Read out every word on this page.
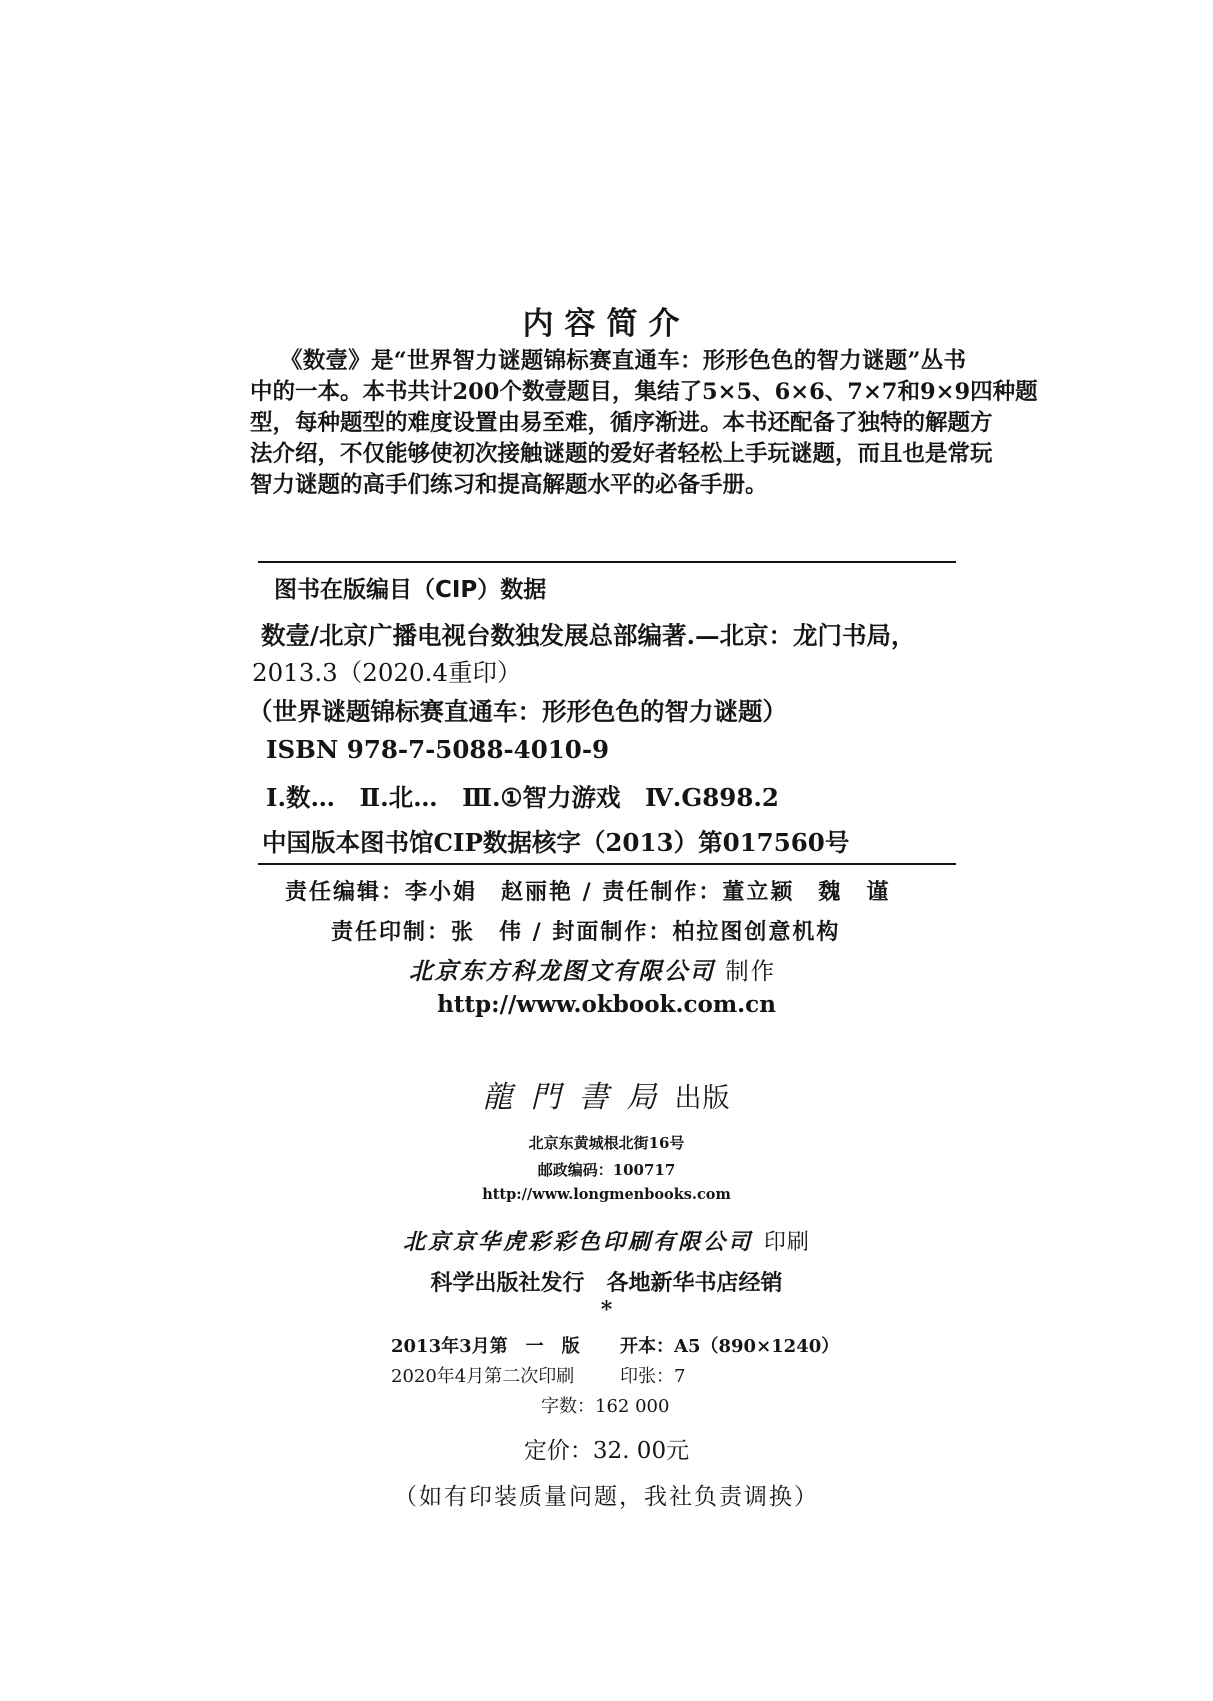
内容简介
《数壹》是“世界智力谜题锦标赛直通车：形形色色的智力谜题”丛书
中的一本。本书共计200个数壹题目，集结了5×5、6×6、7×7和9×9四种题
型，每种题型的难度设置由易至难，循序渐进。本书还配备了独特的解题方
法介绍，不仅能够使初次接触谜题的爱好者轻松上手玩谜题，而且也是常玩
智力谜题的高手们练习和提高解题水平的必备手册。
图书在版编目（CIP）数据
数壹/北京广播电视台数独发展总部编著.—北京：龙门书局，
2013.3（2020.4重印）
（世界谜题锦标赛直通车：形形色色的智力谜题）
ISBN 978-7-5088-4010-9
Ⅰ.数…　Ⅱ.北…　Ⅲ.①智力游戏　Ⅳ.G898.2
中国版本图书馆CIP数据核字（2013）第017560号
责任编辑：李小娟　赵丽艳 / 责任制作：董立颖　魏　谨
责任印制：张　伟 / 封面制作：柏拉图创意机构
北京东方科龙图文有限公司 制作
http://www.okbook.com.cn
龍門書局出版
北京东黄城根北街16号
邮政编码：100717
http://www.longmenbooks.com
北京京华虎彩彩色印刷有限公司 印刷
科学出版社发行　各地新华书店经销
*
2013年3月第　一　版 开本：A5（890×1240）
2020年4月第二次印刷	印张：7
字数：162 000
定价：32. 00元
（如有印装质量问题，我社负责调换）
